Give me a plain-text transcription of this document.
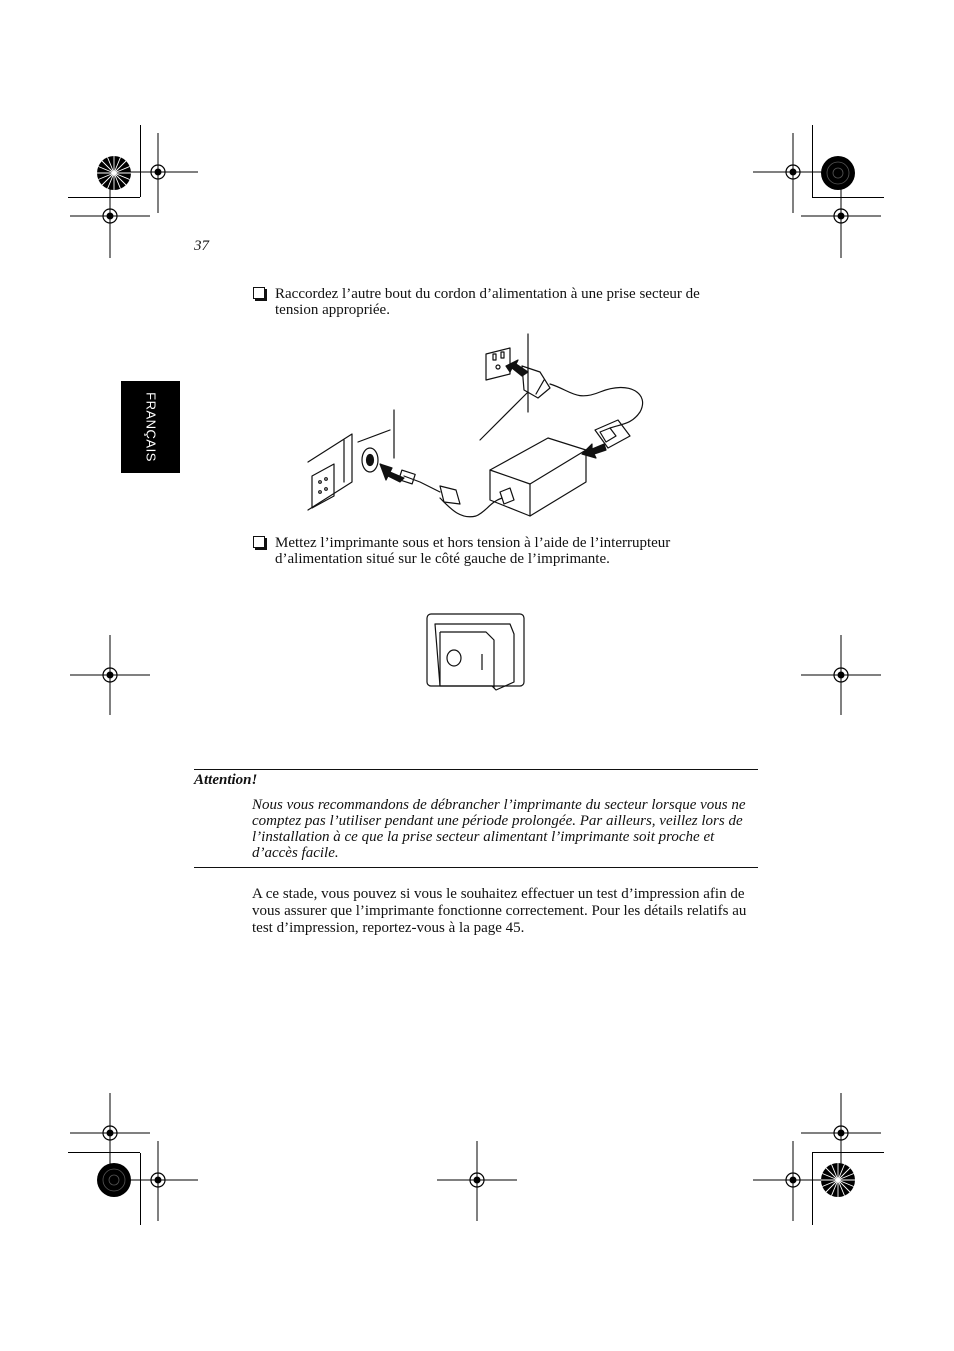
37
FRANÇAIS
Raccordez l’autre bout du cordon d’alimentation à une prise secteur de tension appropriée.
Mettez l’imprimante sous et hors tension à l’aide de l’interrupteur d’alimentation situé sur le côté gauche de l’imprimante.
Attention!
Nous vous recommandons de débrancher l’imprimante du secteur lorsque vous ne comptez pas l’utiliser pendant une période prolongée. Par ailleurs, veillez lors de l’installation à ce que la prise secteur alimentant l’imprimante soit proche et d’accès facile.
A ce stade, vous pouvez si vous le souhaitez effectuer un test d’impression afin de vous assurer que l’imprimante fonctionne correctement. Pour les détails relatifs au test d’impression, reportez-vous à la page 45.
